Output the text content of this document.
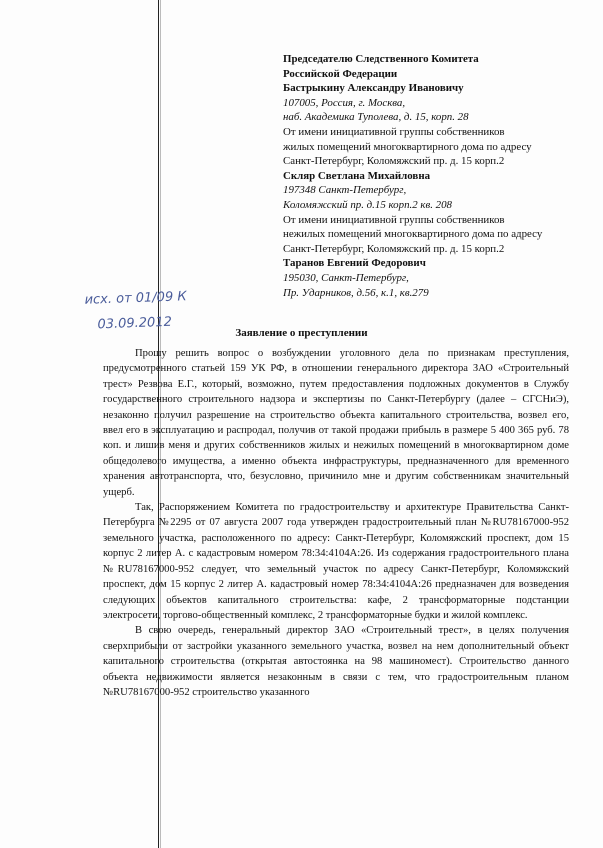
Председателю Следственного Комитета
Российской Федерации
Бастрыкину Александру Ивановичу
107005, Россия, г. Москва,
наб. Академика Туполева, д. 15, корп. 28
От имени инициативной группы собственников
жилых помещений многоквартирного дома по адресу
Санкт-Петербург, Коломяжский пр. д. 15 корп.2
Скляр Светлана Михайловна
197348 Санкт-Петербург,
Коломяжский пр. д.15 корп.2 кв. 208
От имени инициативной группы собственников
нежилых помещений многоквартирного дома по адресу
Санкт-Петербург, Коломяжский пр. д. 15 корп.2
Таранов Евгений Федорович
195030, Санкт-Петербург,
Пр. Ударников, д.56, к.1, кв.279
исх. от 01/09 К
03.09.2012
Заявление о преступлении

Прошу решить вопрос о возбуждении уголовного дела по признакам преступления, предусмотренного статьей 159 УК РФ, в отношении генерального директора ЗАО «Строительный трест» Резвова Е.Г., который, возможно, путем предоставления подложных документов в Службу государственного строительного надзора и экспертизы по Санкт-Петербургу (далее – СГСНиЭ), незаконно получил разрешение на строительство объекта капитального строительства, возвел его, ввел его в эксплуатацию и распродал, получив от такой продажи прибыль в размере 5 400 365 руб. 78 коп. и лишив меня и других собственников жилых и нежилых помещений в многоквартирном доме общедолевого имущества, а именно объекта инфраструктуры, предназначенного для временного хранения автотранспорта, что, безусловно, причинило мне и другим собственникам значительный ущерб.

Так, Распоряжением Комитета по градостроительству и архитектуре Правительства Санкт-Петербурга №2295 от 07 августа 2007 года утвержден градостроительный план №RU78167000-952 земельного участка, расположенного по адресу: Санкт-Петербург, Коломяжский проспект, дом 15 корпус 2 литер А. с кадастровым номером 78:34:4104А:26. Из содержания градостроительного плана №RU78167000-952 следует, что земельный участок по адресу Санкт-Петербург, Коломяжский проспект, дом 15 корпус 2 литер А. кадастровый номер 78:34:4104А:26 предназначен для возведения следующих объектов капитального строительства: кафе, 2 трансформаторные подстанции электросети, торгово-общественный комплекс, 2 трансформаторные будки и жилой комплекс.

В свою очередь, генеральный директор ЗАО «Строительный трест», в целях получения сверхприбыли от застройки указанного земельного участка, возвел на нем дополнительный объект капитального строительства (открытая автостоянка на 98 машиномест). Строительство данного объекта недвижимости является незаконным в связи с тем, что градостроительным планом №RU78167000-952 строительство указанного
